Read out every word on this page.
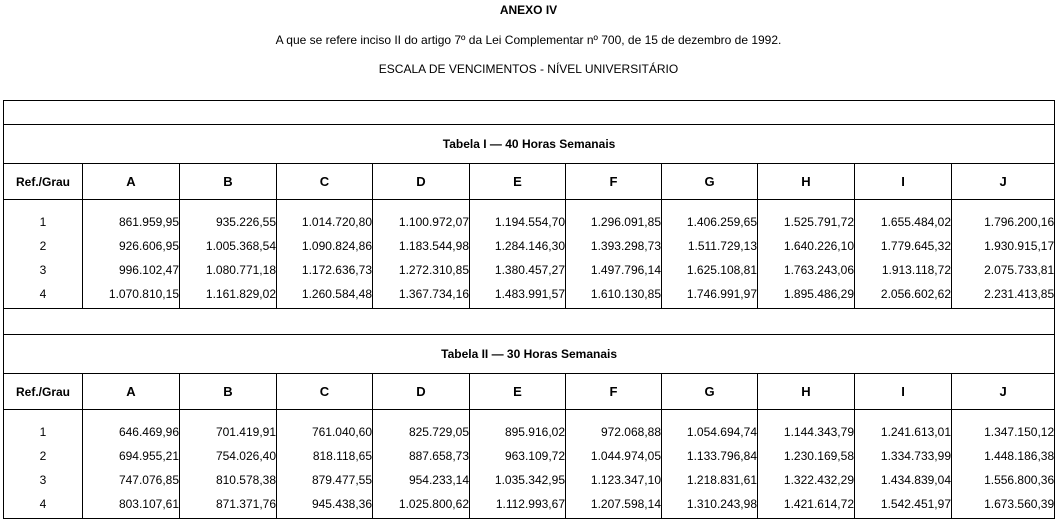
ANEXO IV
A que se refere inciso II do artigo 7º da Lei Complementar nº 700, de 15 de dezembro de 1992.
ESCALA DE VENCIMENTOS - NÍVEL UNIVERSITÁRIO

Tabela I — 40 Horas Semanais										
Ref./Grau	A	B	C	D	E	F	G	H	I	J
1	861.959,95	935.226,55	1.014.720,80	1.100.972,07	1.194.554,70	1.296.091,85	1.406.259,65	1.525.791,72	1.655.484,02	1.796.200,16
2	926.606,95	1.005.368,54	1.090.824,86	1.183.544,98	1.284.146,30	1.393.298,73	1.511.729,13	1.640.226,10	1.779.645,32	1.930.915,17
3	996.102,47	1.080.771,18	1.172.636,73	1.272.310,85	1.380.457,27	1.497.796,14	1.625.108,81	1.763.243,06	1.913.118,72	2.075.733,81
4	1.070.810,15	1.161.829,02	1.260.584,48	1.367.734,16	1.483.991,57	1.610.130,85	1.746.991,97	1.895.486,29	2.056.602,62	2.231.413,85

Tabela II — 30 Horas Semanais										
Ref./Grau	A	B	C	D	E	F	G	H	I	J
1	646.469,96	701.419,91	761.040,60	825.729,05	895.916,02	972.068,88	1.054.694,74	1.144.343,79	1.241.613,01	1.347.150,12
2	694.955,21	754.026,40	818.118,65	887.658,73	963.109,72	1.044.974,05	1.133.796,84	1.230.169,58	1.334.733,99	1.448.186,38
3	747.076,85	810.578,38	879.477,55	954.233,14	1.035.342,95	1.123.347,10	1.218.831,61	1.322.432,29	1.434.839,04	1.556.800,36
4	803.107,61	871.371,76	945.438,36	1.025.800,62	1.112.993,67	1.207.598,14	1.310.243,98	1.421.614,72	1.542.451,97	1.673.560,39
